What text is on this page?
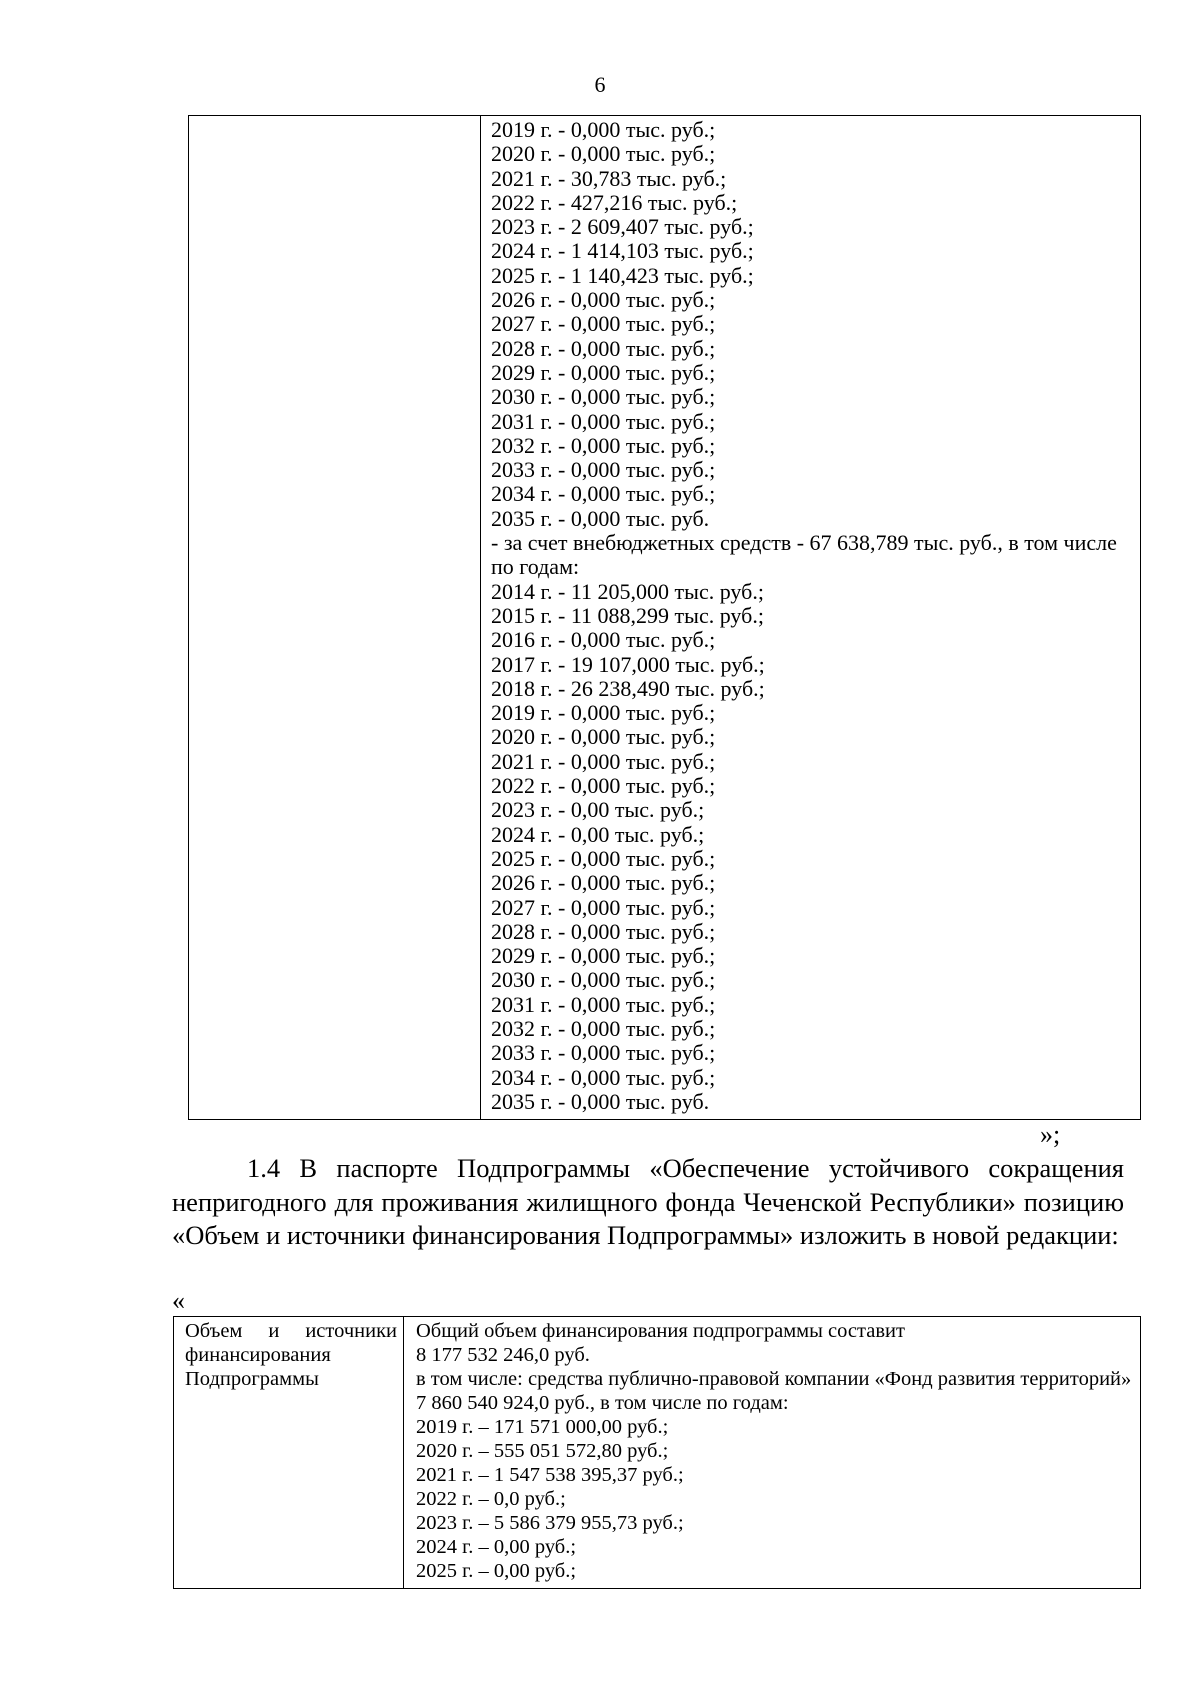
6
2019 г. - 0,000 тыс. руб.;
2020 г. - 0,000 тыс. руб.;
2021 г. - 30,783 тыс. руб.;
2022 г. - 427,216 тыс. руб.;
2023 г. - 2 609,407 тыс. руб.;
2024 г. - 1 414,103 тыс. руб.;
2025 г. - 1 140,423 тыс. руб.;
2026 г. - 0,000 тыс. руб.;
2027 г. - 0,000 тыс. руб.;
2028 г. - 0,000 тыс. руб.;
2029 г. - 0,000 тыс. руб.;
2030 г. - 0,000 тыс. руб.;
2031 г. - 0,000 тыс. руб.;
2032 г. - 0,000 тыс. руб.;
2033 г. - 0,000 тыс. руб.;
2034 г. - 0,000 тыс. руб.;
2035 г. - 0,000 тыс. руб.
- за счет внебюджетных средств - 67 638,789 тыс. руб., в том числе по годам:
2014 г. - 11 205,000 тыс. руб.;
2015 г. - 11 088,299 тыс. руб.;
2016 г. - 0,000 тыс. руб.;
2017 г. - 19 107,000 тыс. руб.;
2018 г. - 26 238,490 тыс. руб.;
2019 г. - 0,000 тыс. руб.;
2020 г. - 0,000 тыс. руб.;
2021 г. - 0,000 тыс. руб.;
2022 г. - 0,000 тыс. руб.;
2023 г. - 0,00 тыс. руб.;
2024 г. - 0,00 тыс. руб.;
2025 г. - 0,000 тыс. руб.;
2026 г. - 0,000 тыс. руб.;
2027 г. - 0,000 тыс. руб.;
2028 г. - 0,000 тыс. руб.;
2029 г. - 0,000 тыс. руб.;
2030 г. - 0,000 тыс. руб.;
2031 г. - 0,000 тыс. руб.;
2032 г. - 0,000 тыс. руб.;
2033 г. - 0,000 тыс. руб.;
2034 г. - 0,000 тыс. руб.;
2035 г. - 0,000 тыс. руб.
»;
1.4 В паспорте Подпрограммы «Обеспечение устойчивого сокращения непригодного для проживания жилищного фонда Чеченской Республики» позицию «Объем и источники финансирования Подпрограммы» изложить в новой редакции:
«
Объем и источники
финансирования
Подпрограммы
Общий объем финансирования подпрограммы составит
8 177 532 246,0 руб.
в том числе: средства публично-правовой компании «Фонд развития территорий» 7 860 540 924,0 руб., в том числе по годам:
2019 г. – 171 571 000,00 руб.;
2020 г. – 555 051 572,80 руб.;
2021 г. – 1 547 538 395,37 руб.;
2022 г. – 0,0 руб.;
2023 г. – 5 586 379 955,73 руб.;
2024 г. – 0,00 руб.;
2025 г. – 0,00 руб.;
